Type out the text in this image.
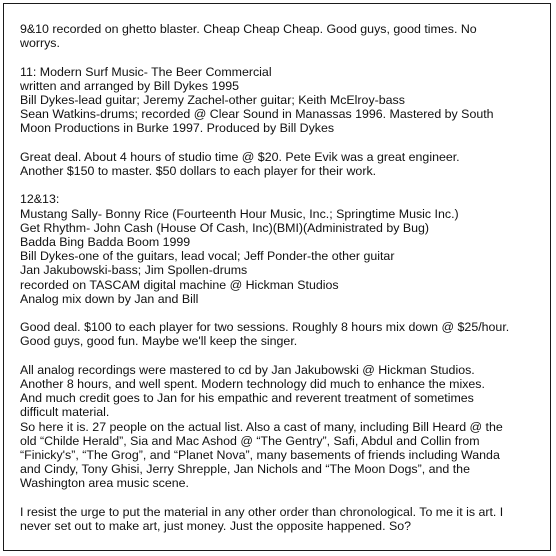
9&10 recorded on ghetto blaster. Cheap Cheap Cheap. Good guys, good times. No
worrys.

11: Modern Surf Music- The Beer Commercial
written and arranged by Bill Dykes 1995
Bill Dykes-lead guitar; Jeremy Zachel-other guitar; Keith McElroy-bass
Sean Watkins-drums; recorded @ Clear Sound in Manassas 1996. Mastered by South
Moon Productions in Burke 1997. Produced by Bill Dykes

Great deal. About 4 hours of studio time @ $20. Pete Evik was a great engineer.
Another $150 to master. $50 dollars to each player for their work.

12&13:
Mustang Sally- Bonny Rice (Fourteenth Hour Music, Inc.; Springtime Music Inc.)
Get Rhythm- John Cash (House Of Cash, Inc)(BMI)(Administrated by Bug)
Badda Bing Badda Boom 1999
Bill Dykes-one of the guitars, lead vocal; Jeff Ponder-the other guitar
Jan Jakubowski-bass; Jim Spollen-drums
recorded on TASCAM digital machine @ Hickman Studios
Analog mix down by Jan and Bill

Good deal. $100 to each player for two sessions. Roughly 8 hours mix down @ $25/hour.
Good guys, good fun. Maybe we'll keep the singer.

All analog recordings were mastered to cd by Jan Jakubowski @ Hickman Studios.
Another 8 hours, and well spent. Modern technology did much to enhance the mixes.
And much credit goes to Jan for his empathic and reverent treatment of sometimes
difficult material.
So here it is. 27 people on the actual list. Also a cast of many, including Bill Heard @ the
old “Childe Herald”, Sia and Mac Ashod @ “The Gentry”, Safi, Abdul and Collin from
“Finicky's”, “The Grog”, and “Planet Nova”, many basements of friends including Wanda
and Cindy, Tony Ghisi, Jerry Shrepple, Jan Nichols and “The Moon Dogs”, and the
Washington area music scene.

I resist the urge to put the material in any other order than chronological. To me it is art. I
never set out to make art, just money. Just the opposite happened. So?
